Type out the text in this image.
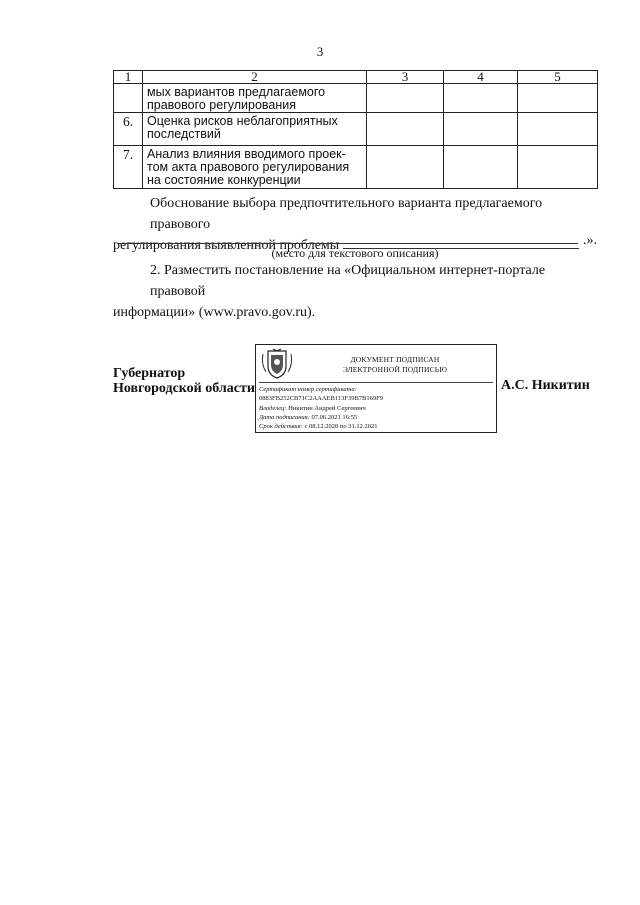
3
1	2	3	4	5

	мых вариантов предлагаемого
правового регулирования			

6.	Оценка рисков неблагоприятных
последствий			

7.	Анализ влияния вводимого проек-
том акта правового регулирования
на состояние конкуренции			

Обоснование выбора предпочтительного варианта предлагаемого правового
регулирования выявленной проблемы	.».
(место для текстового описания)
2. Разместить постановление на «Официальном интернет-портале правовой
информации» (www.pravo.gov.ru).
Губернатор
Новгородской области
ДОКУМЕНТ ПОДПИСАН
ЭЛЕКТРОННОЙ ПОДПИСЬЮ
Сертификат номер сертификата:
0883FB252CB71C2AAAEB113F39B7B169F9
Владелец: Никитин Андрей Сергеевич
Дата подписания: 07.06.2021 16:55
Срок действия: с 08.12.2020 по 31.12.2021
А.С. Никитин
